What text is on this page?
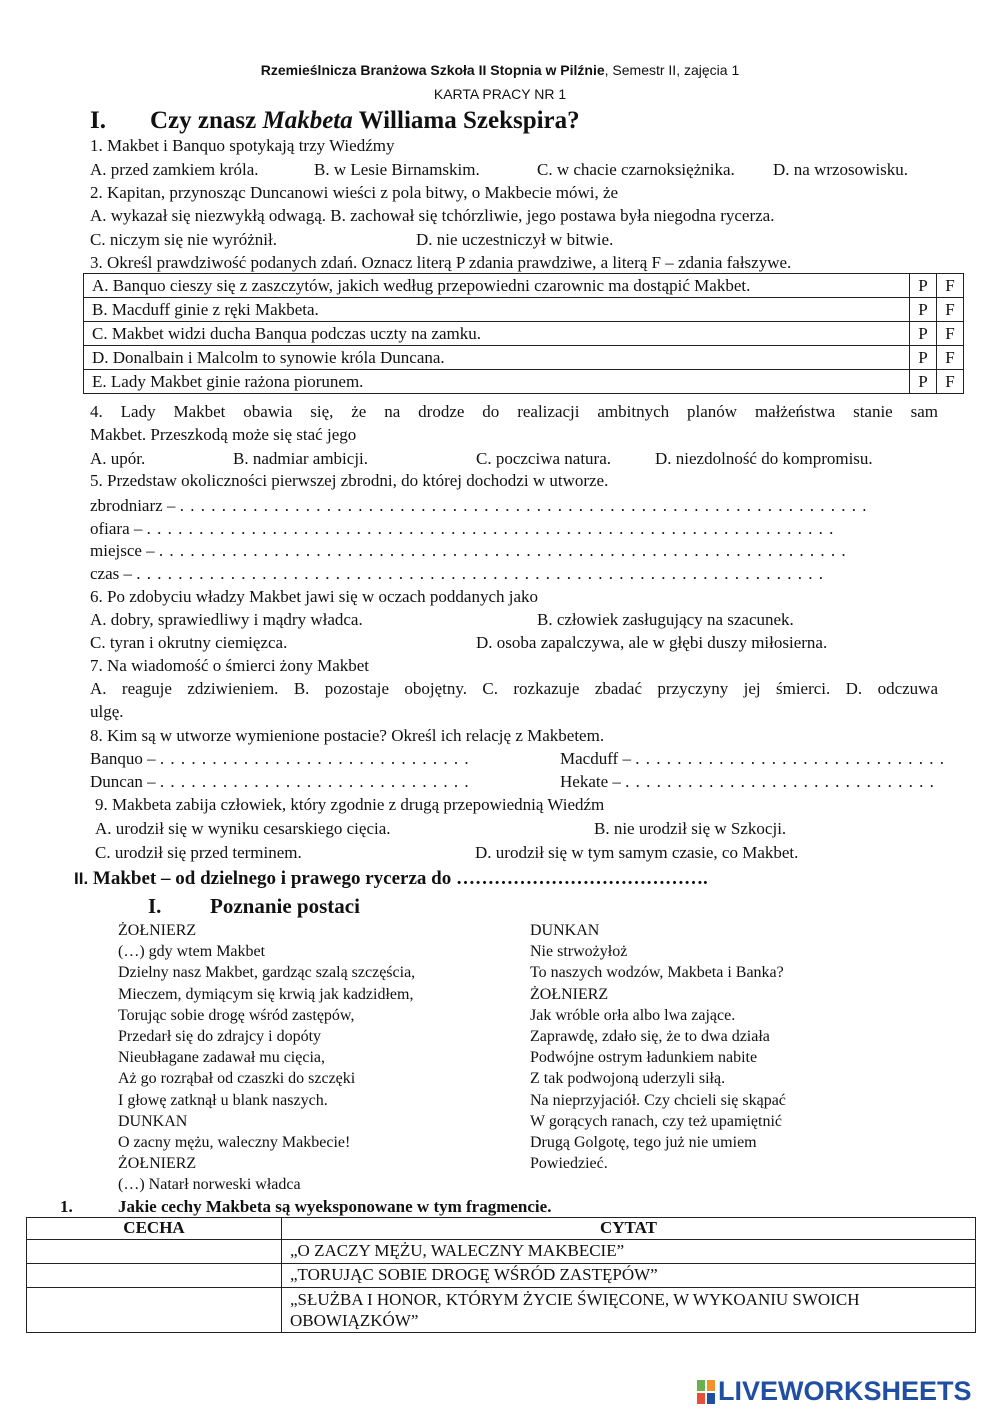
Rzemieślnicza Branżowa Szkoła II Stopnia w Pilźnie, Semestr II, zajęcia 1
KARTA PRACY NR 1
I. Czy znasz Makbeta Williama Szekspira?
1. Makbet i Banquo spotykają trzy Wiedźmy
A. przed zamkiem króla.	B. w Lesie Birnamskim.	C. w chacie czarnoksiężnika. D. na wrzosowisku.
2. Kapitan, przynosząc Duncanowi wieści z pola bitwy, o Makbecie mówi, że
A. wykazał się niezwykłą odwagą. B. zachował się tchórzliwie, jego postawa była niegodna rycerza.
C. niczym się nie wyróżnił.	D. nie uczestniczył w bitwie.
3. Określ prawdziwość podanych zdań. Oznacz literą P zdania prawdziwe, a literą F – zdania fałszywe.
A. Banquo cieszy się z zaszczytów, jakich według przepowiedni czarownic ma dostąpić Makbet.	P	F
B. Macduff ginie z ręki Makbeta.	P	F
C. Makbet widzi ducha Banqua podczas uczty na zamku.	P	F
D. Donalbain i Malcolm to synowie króla Duncana.	P	F
E. Lady Makbet ginie rażona piorunem.	P	F
4. Lady Makbet obawia się, że na drodze do realizacji ambitnych planów małżeństwa stanie sam
Makbet. Przeszkodą może się stać jego
A. upór.	B. nadmiar ambicji.	C. poczciwa natura.	D. niezdolność do kompromisu.
5. Przedstaw okoliczności pierwszej zbrodni, do której dochodzi w utworze.
zbrodniarz – . . . . . . . . . . . . . . . . . . . . . . . . . . . . . . . . . . . . . . . . . . . . . . . . . . . . . . . . . . . . . . . . . .
ofiara – . . . . . . . . . . . . . . . . . . . . . . . . . . . . . . . . . . . . . . . . . . . . . . . . . . . . . . . . . . . . . . . . . .
miejsce – . . . . . . . . . . . . . . . . . . . . . . . . . . . . . . . . . . . . . . . . . . . . . . . . . . . . . . . . . . . . . . . . . .
czas – . . . . . . . . . . . . . . . . . . . . . . . . . . . . . . . . . . . . . . . . . . . . . . . . . . . . . . . . . . . . . . . . . .
6. Po zdobyciu władzy Makbet jawi się w oczach poddanych jako
A. dobry, sprawiedliwy i mądry władca.	B. człowiek zasługujący na szacunek.
C. tyran i okrutny ciemięzca.	D. osoba zapalczywa, ale w głębi duszy miłosierna.
7. Na wiadomość o śmierci żony Makbet
A. reaguje zdziwieniem. B. pozostaje obojętny. C. rozkazuje zbadać przyczyny jej śmierci. D. odczuwa
ulgę.
8. Kim są w utworze wymienione postacie? Określ ich relację z Makbetem.
Banquo – . . . . . . . . . . . . . . . . . . . . . . . . . . . . . .	Macduff – . . . . . . . . . . . . . . . . . . . . . . . . . . . . . .
Duncan – . . . . . . . . . . . . . . . . . . . . . . . . . . . . . .	Hekate – . . . . . . . . . . . . . . . . . . . . . . . . . . . . . .
9. Makbeta zabija człowiek, który zgodnie z drugą przepowiednią Wiedźm
A. urodził się w wyniku cesarskiego cięcia.	B. nie urodził się w Szkocji.
C. urodził się przed terminem.	D. urodził się w tym samym czasie, co Makbet.
II. Makbet – od dzielnego i prawego rycerza do ………………………………….
I. Poznanie postaci
ŻOŁNIERZ
(…) gdy wtem Makbet
Dzielny nasz Makbet, gardząc szalą szczęścia,
Mieczem, dymiącym się krwią jak kadzidłem,
Torując sobie drogę wśród zastępów,
Przedarł się do zdrajcy i dopóty
Nieubłagane zadawał mu cięcia,
Aż go rozrąbał od czaszki do szczęki
I głowę zatknął u blank naszych.
DUNKAN
O zacny mężu, waleczny Makbecie!
ŻOŁNIERZ
(…) Natarł norweski władca
DUNKAN
Nie strwożyłoż
To naszych wodzów, Makbeta i Banka?
ŻOŁNIERZ
Jak wróble orła albo lwa zające.
Zaprawdę, zdało się, że to dwa działa
Podwójne ostrym ładunkiem nabite
Z tak podwojoną uderzyli siłą.
Na nieprzyjaciół. Czy chcieli się skąpać
W gorących ranach, czy też upamiętnić
Drugą Golgotę, tego już nie umiem
Powiedzieć.
1.	Jakie cechy Makbeta są wyeksponowane w tym fragmencie.
CECHA	CYTAT
	„O ZACZY MĘŻU, WALECZNY MAKBECIE”
	„TORUJĄC SOBIE DROGĘ WŚRÓD ZASTĘPÓW”
	„SŁUŻBA I HONOR, KTÓRYM ŻYCIE ŚWIĘCONE, W WYKOANIU SWOICH OBOWIĄZKÓW”
LIVEWORKSHEETS
